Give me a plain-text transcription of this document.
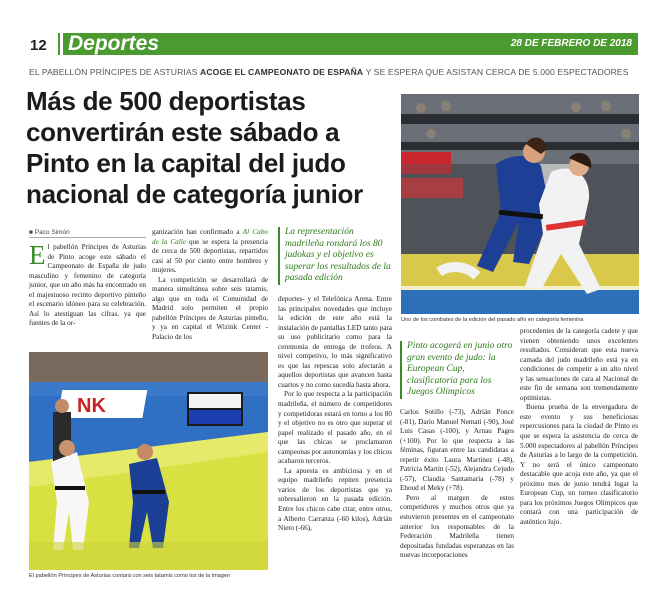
12 Deportes	28 DE FEBRERO DE 2018
EL PABELLÓN PRÍNCIPES DE ASTURIAS ACOGE EL CAMPEONATO DE ESPAÑA Y SE ESPERA QUE ASISTAN CERCA DE 5.000 ESPECTADORES
Más de 500 deportistas convertirán este sábado a Pinto en la capital del judo nacional de categoría junior
Uno de los combates de la edición del pasado año en categoría femenina
NK
El pabellón Príncipes de Asturias contará con seis tatamis como los de la imagen
■ Paco Simón

El pabellón Príncipes de Asturias de Pinto acoge este sábado el Campeonato de España de judo masculino y femenino de categoría junior, que un año más ha encontrado en el majestuoso recinto deportivo pinteño el escenario idóneo para su celebración. Así lo atestiguan las cifras, ya que fuentes de la or-

ganización han confirmado a Al Cabo de la Calle que se espera la presencia de cerca de 500 deportistas, repartidos casi al 50 por ciento entre hombres y mujeres.

La competición se desarrollará de manera simultánea sobre seis tatamis, algo que en toda el Comunidad de Madrid solo permiten el propio pabellón Príncipes de Asturias pinteño, y ya en capital el Wizink Center -Palacio de los

La representación madrileña rondará los 80 judokas y el objetivo es superar los resultados de la pasada edición

deportes- y el Telefónica Arena. Entre las principales novedades que incluye la edición de este año está la instalación de pantallas LED tanto para su uso publicitario como para la ceremonia de entrega de trofeos. A nivel competivo, lo más significativo es que las repescas solo afectarán a aquellos deportistas que avancen hasta cuartos y no como sucedía hasta ahora.

Por lo que respecta a la participación madrileña, el número de competidores y competidoras estará en torno a los 80 y el objetivo no es otro que superar el papel realizado el pasado año, en el que las chicas se proclamaron campeonas por autonomías y los chicos acabaron terceros.

La apuesta es ambiciosa y en el equipo madrileño repiten presencia varios de los deportistas que ya sobresalieron en la pasada edición. Entre los chicos cabe citar, entre otros, a Alberto Carranza (-60 kilos), Adrián Nieto (-66),

Pinto acogerá en junio otro gran evento de judo: la European Cup, clasificatoria para los Juegos Olímpicos

Carlos Sotillo (-73), Adrián Ponce (-81), Darío Manuel Nemati (-90), José Luis Casas (-100), y Arnau Pages (+100). Por lo que respecta a las féminas, figuran entre las candidatas a repetir éxito Laura Martínez (-48), Patricia Martín (-52), Alejandra Cejudo (-57), Claudia Santamaría (-78) y Ehoud el Meky (+78).

Pero al margen de estos competidores y muchos otros que ya estuvieron presentes en el campeonato anterior los responsables de la Federación Madrileña tienen depositadas fundadas esperanzas en las nuevas incorporaciones

procedentes de la categoría cadete y que vienen obteniendo unos excelentes resultados. Consideran que esta nueva camada del judo madrileño está ya en condiciones de competir a un alto nivel y las sensaciones de cara al Nacional de este fin de semana son tremendamente optimistas.

Buena prueba de la envergadura de este evento y sus beneficiosas repercusiones para la ciudad de Pinto es que se espera la asistencia de cerca de 5.000 espectadores al pabellón Príncipes de Asturias a lo largo de la competición. Y no será el único campeonato destacable que acoja este año, ya que el próximo mes de junio tendrá lugar la European Cup, un torneo clasificatorio para los próximos Juegos Olímpicos que contará con una participación de auténtico lujo.
